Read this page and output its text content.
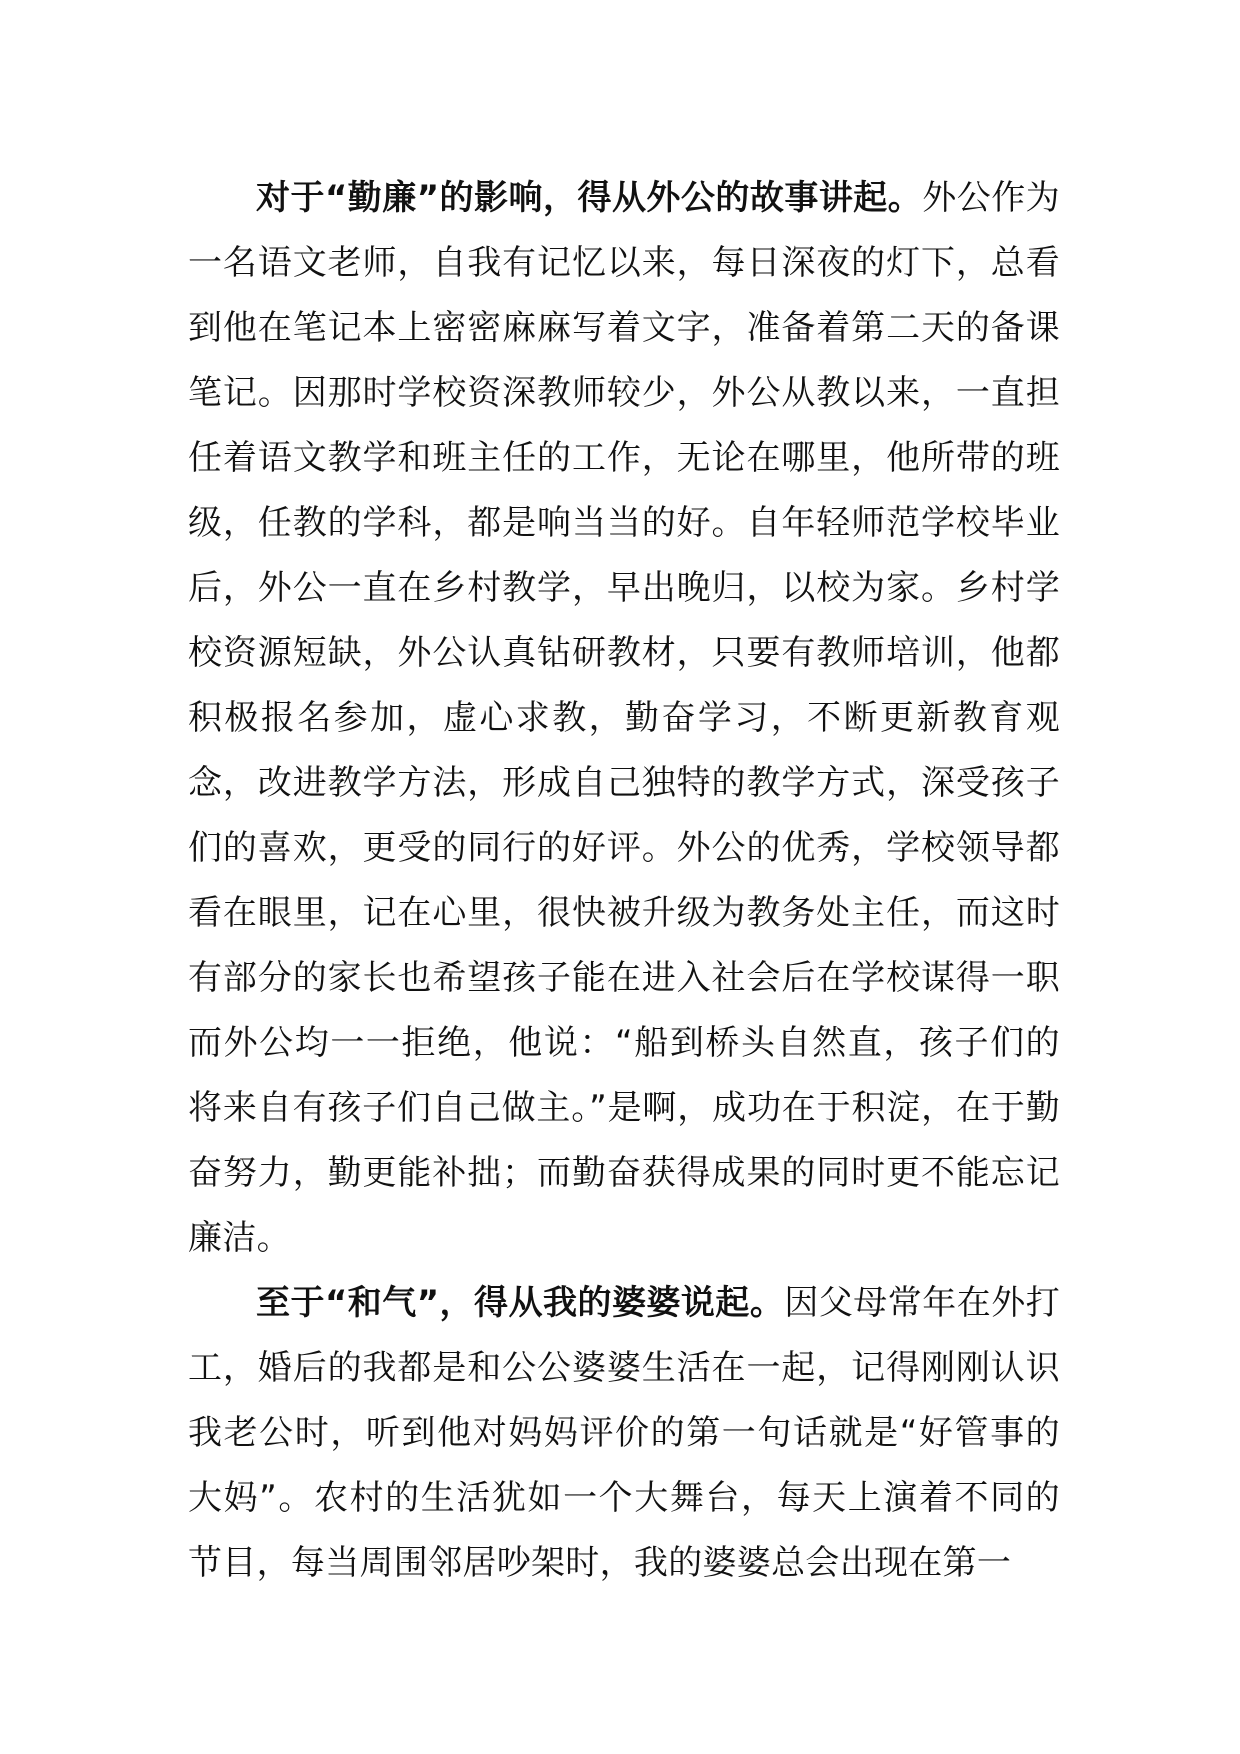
对于“勤廉”的影响，得从外公的故事讲起。外公作为一名语文老师，自我有记忆以来，每日深夜的灯下，总看到他在笔记本上密密麻麻写着文字，准备着第二天的备课笔记。因那时学校资深教师较少，外公从教以来，一直担任着语文教学和班主任的工作，无论在哪里，他所带的班级，任教的学科，都是响当当的好。自年轻师范学校毕业后，外公一直在乡村教学，早出晚归，以校为家。乡村学校资源短缺，外公认真钻研教材，只要有教师培训，他都积极报名参加，虚心求教，勤奋学习，不断更新教育观念，改进教学方法，形成自己独特的教学方式，深受孩子们的喜欢，更受的同行的好评。外公的优秀，学校领导都看在眼里，记在心里，很快被升级为教务处主任，而这时有部分的家长也希望孩子能在进入社会后在学校谋得一职而外公均一一拒绝，他说：“船到桥头自然直，孩子们的将来自有孩子们自己做主。”是啊，成功在于积淀，在于勤奋努力，勤更能补拙；而勤奋获得成果的同时更不能忘记廉洁。

至于“和气”，得从我的婆婆说起。因父母常年在外打工，婚后的我都是和公公婆婆生活在一起，记得刚刚认识我老公时，听到他对妈妈评价的第一句话就是“好管事的大妈”。农村的生活犹如一个大舞台，每天上演着不同的节目，每当周围邻居吵架时，我的婆婆总会出现在第一
